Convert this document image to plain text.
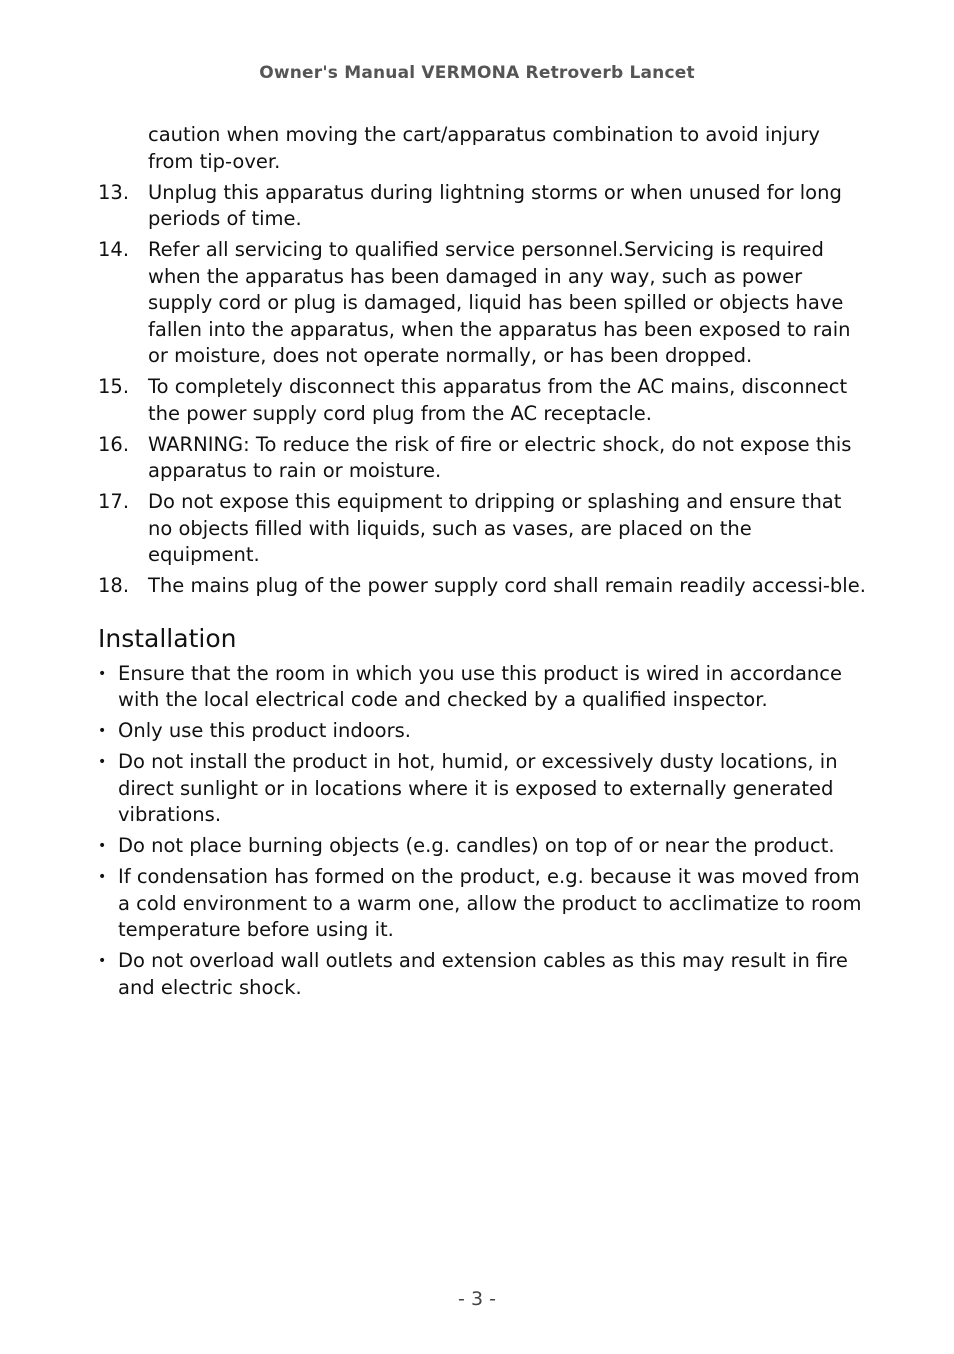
Owner's Manual VERMONA Retroverb Lancet
caution when moving the cart/apparatus combination to avoid injury from tip-over.
13. Unplug this apparatus during lightning storms or when unused for long periods of time.
14. Refer all servicing to qualified service personnel.Servicing is required when the apparatus has been damaged in any way, such as power supply cord or plug is damaged, liquid has been spilled or objects have fallen into the apparatus, when the apparatus has been exposed to rain or moisture, does not operate normally, or has been dropped.
15. To completely disconnect this apparatus from the AC mains, disconnect the power supply cord plug from the AC receptacle.
16. WARNING: To reduce the risk of fire or electric shock, do not expose this apparatus to rain or moisture.
17. Do not expose this equipment to dripping or splashing and ensure that no objects filled with liquids, such as vases, are placed on the equipment.
18. The mains plug of the power supply cord shall remain readily accessi-ble.
Installation
• Ensure that the room in which you use this product is wired in accordance with the local electrical code and checked by a qualified inspector.
• Only use this product indoors.
• Do not install the product in hot, humid, or excessively dusty locations, in direct sunlight or in locations where it is exposed to externally generated vibrations.
• Do not place burning objects (e.g. candles) on top of or near the product.
• If condensation has formed on the product, e.g. because it was moved from a cold environment to a warm one, allow the product to acclimatize to room temperature before using it.
• Do not overload wall outlets and extension cables as this may result in fire and electric shock.
- 3 -
